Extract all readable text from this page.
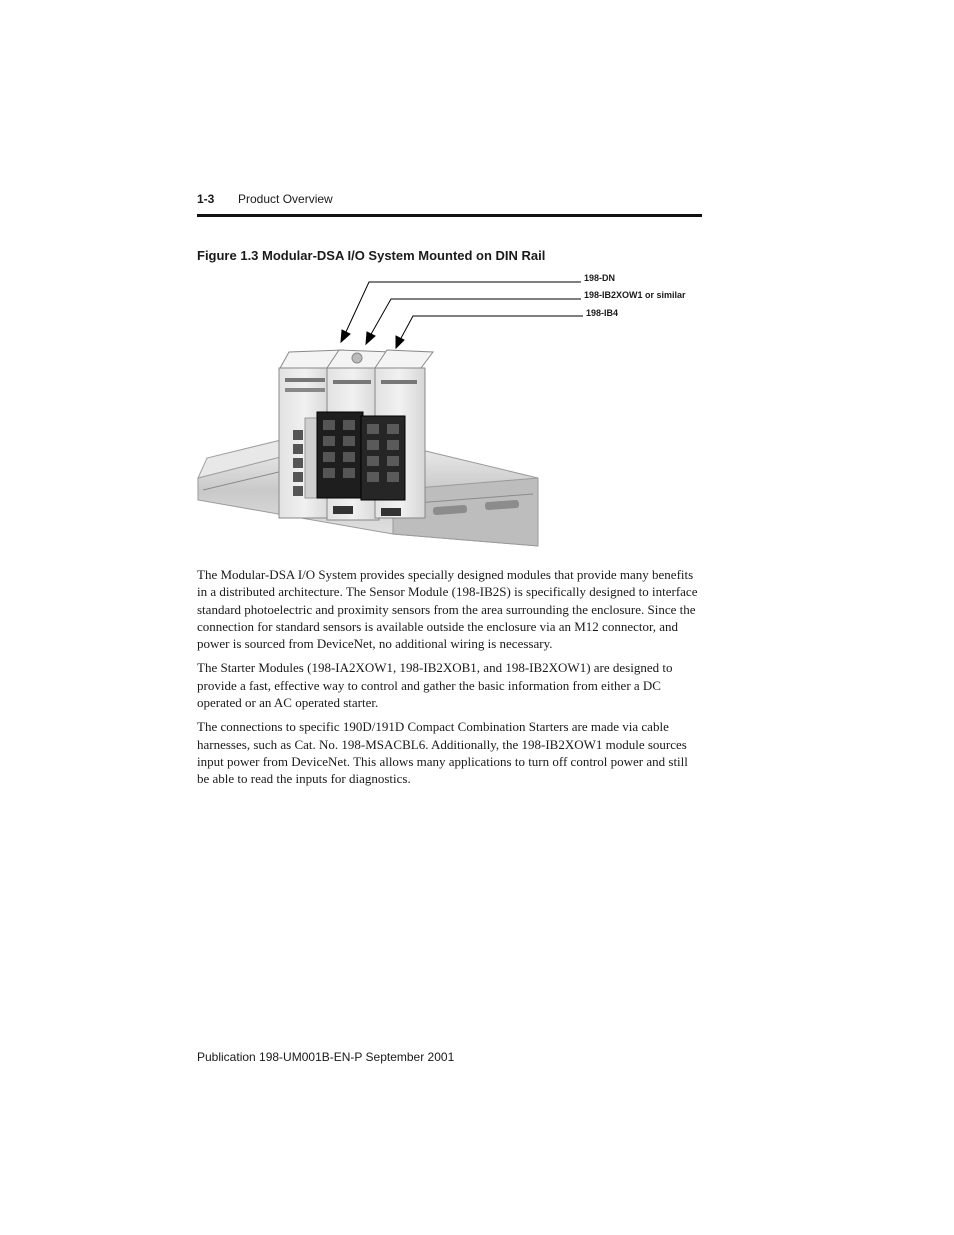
1-3 Product Overview
Figure 1.3 Modular-DSA I/O System Mounted on DIN Rail
198-DN
198-IB2XOW1 or similar
198-IB4

The Modular-DSA I/O System provides specially designed modules that provide many benefits in a distributed architecture. The Sensor Module (198-IB2S) is specifically designed to interface standard photoelectric and proximity sensors from the area surrounding the enclosure. Since the connection for standard sensors is available outside the enclosure via an M12 connector, and power is sourced from DeviceNet, no additional wiring is necessary.

The Starter Modules (198-IA2XOW1, 198-IB2XOB1, and 198-IB2XOW1) are designed to provide a fast, effective way to control and gather the basic information from either a DC operated or an AC operated starter.

The connections to specific 190D/191D Compact Combination Starters are made via cable harnesses, such as Cat. No. 198-MSACBL6. Additionally, the 198-IB2XOW1 module sources input power from DeviceNet. This allows many applications to turn off control power and still be able to read the inputs for diagnostics.

Publication 198-UM001B-EN-P September 2001
